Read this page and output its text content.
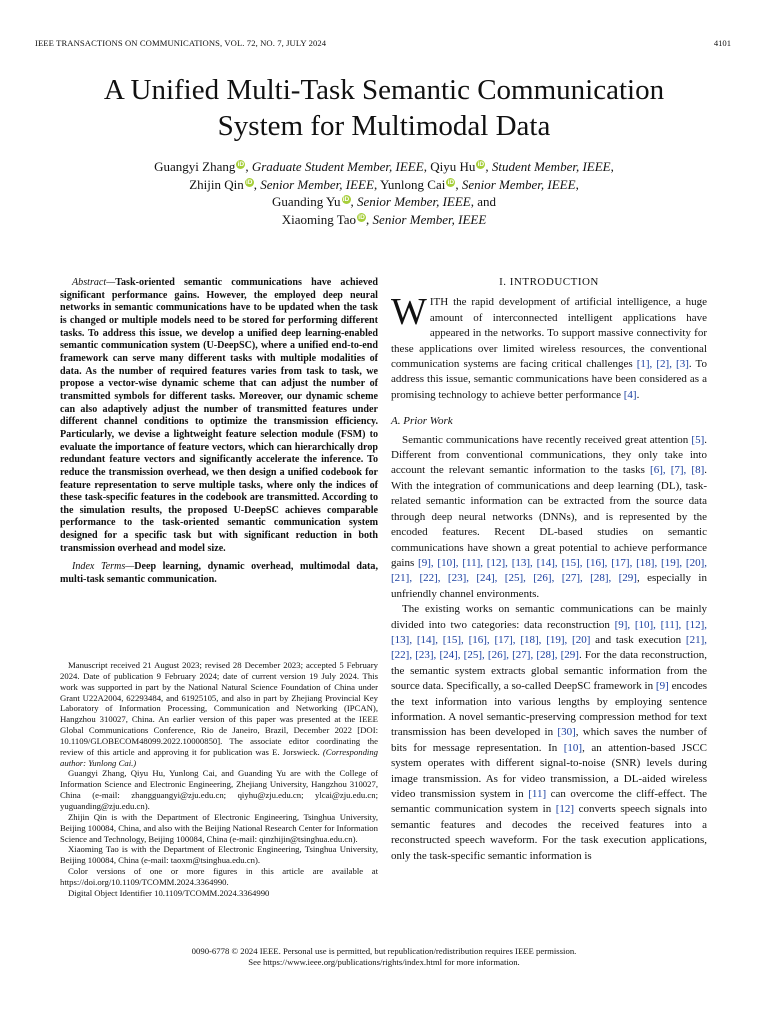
IEEE TRANSACTIONS ON COMMUNICATIONS, VOL. 72, NO. 7, JULY 2024	4101
A Unified Multi-Task Semantic Communication
System for Multimodal Data
Guangyi Zhang iD, Graduate Student Member, IEEE, Qiyu Hu iD, Student Member, IEEE,
Zhijin Qin iD, Senior Member, IEEE, Yunlong Cai iD, Senior Member, IEEE,
Guanding Yu iD, Senior Member, IEEE, and
Xiaoming Tao iD, Senior Member, IEEE

Abstract—Task-oriented semantic communications have achieved significant performance gains. However, the employed deep neural networks in semantic communications have to be updated when the task is changed or multiple models need to be stored for performing different tasks. To address this issue, we develop a unified deep learning-enabled semantic communication system (U-DeepSC), where a unified end-to-end framework can serve many different tasks with multiple modalities of data. As the number of required features varies from task to task, we propose a vector-wise dynamic scheme that can adjust the number of transmitted symbols for different tasks. Moreover, our dynamic scheme can also adaptively adjust the number of transmitted features under different channel conditions to optimize the transmission efficiency. Particularly, we devise a lightweight feature selection module (FSM) to evaluate the importance of feature vectors, which can hierarchically drop redundant feature vectors and significantly accelerate the inference. To reduce the transmission overhead, we then design a unified codebook for feature representation to serve multiple tasks, where only the indices of these task-specific features in the codebook are transmitted. According to the simulation results, the proposed U-DeepSC achieves comparable performance to the task-oriented semantic communication system designed for a specific task but with significant reduction in both transmission overhead and model size.

Index Terms—Deep learning, dynamic overhead, multimodal data, multi-task semantic communication.

Manuscript received 21 August 2023; revised 28 December 2023; accepted 5 February 2024. Date of publication 9 February 2024; date of current version 19 July 2024. This work was supported in part by the National Natural Science Foundation of China under Grant U22A2004, 62293484, and 61925105, and also in part by Zhejiang Provincial Key Laboratory of Information Processing, Communication and Networking (IPCAN), Hangzhou 310027, China. An earlier version of this paper was presented at the IEEE Global Communications Conference, Rio de Janeiro, Brazil, December 2022 [DOI: 10.1109/GLOBECOM48099.2022.10000850]. The associate editor coordinating the review of this article and approving it for publication was E. Jorswieck. (Corresponding author: Yunlong Cai.)

Guangyi Zhang, Qiyu Hu, Yunlong Cai, and Guanding Yu are with the College of Information Science and Electronic Engineering, Zhejiang University, Hangzhou 310027, China (e-mail: zhangguangyi@zju.edu.cn; qiyhu@zju.edu.cn; ylcai@zju.edu.cn; yuguanding@zju.edu.cn).

Zhijin Qin is with the Department of Electronic Engineering, Tsinghua University, Beijing 100084, China, and also with the Beijing National Research Center for Information Science and Technology, Beijing 100084, China (e-mail: qinzhijin@tsinghua.edu.cn).

Xiaoming Tao is with the Department of Electronic Engineering, Tsinghua University, Beijing 100084, China (e-mail: taoxm@tsinghua.edu.cn).

Color versions of one or more figures in this article are available at https://doi.org/10.1109/TCOMM.2024.3364990.

Digital Object Identifier 10.1109/TCOMM.2024.3364990

I. INTRODUCTION

WITH the rapid development of artificial intelligence, a huge amount of interconnected intelligent applications have appeared in the networks. To support massive connectivity for these applications over limited wireless resources, the conventional communication systems are facing critical challenges [1], [2], [3]. To address this issue, semantic communications have been considered as a promising technology to achieve better performance [4].

A. Prior Work

Semantic communications have recently received great attention [5]. Different from conventional communications, they only take into account the relevant semantic information to the tasks [6], [7], [8]. With the integration of communications and deep learning (DL), task-related semantic information can be extracted from the source data through deep neural networks (DNNs), and is represented by the encoded features. Recent DL-based studies on semantic communications have shown a great potential to achieve performance gains [9], [10], [11], [12], [13], [14], [15], [16], [17], [18], [19], [20], [21], [22], [23], [24], [25], [26], [27], [28], [29], especially in unfriendly channel environments.

The existing works on semantic communications can be mainly divided into two categories: data reconstruction [9], [10], [11], [12], [13], [14], [15], [16], [17], [18], [19], [20] and task execution [21], [22], [23], [24], [25], [26], [27], [28], [29]. For the data reconstruction, the semantic system extracts global semantic information from the source data. Specifically, a so-called DeepSC framework in [9] encodes the text information into various lengths by employing sentence information. A novel semantic-preserving compression method for text transmission has been developed in [30], which saves the number of bits for message representation. In [10], an attention-based JSCC system operates with different signal-to-noise (SNR) levels during image transmission. As for video transmission, a DL-aided wireless video transmission system in [11] can overcome the cliff-effect. The semantic communication system in [12] converts speech signals into semantic features and decodes the received features into a reconstructed speech waveform. For the task execution applications, only the task-specific semantic information is

0090-6778 © 2024 IEEE. Personal use is permitted, but republication/redistribution requires IEEE permission.
See https://www.ieee.org/publications/rights/index.html for more information.
